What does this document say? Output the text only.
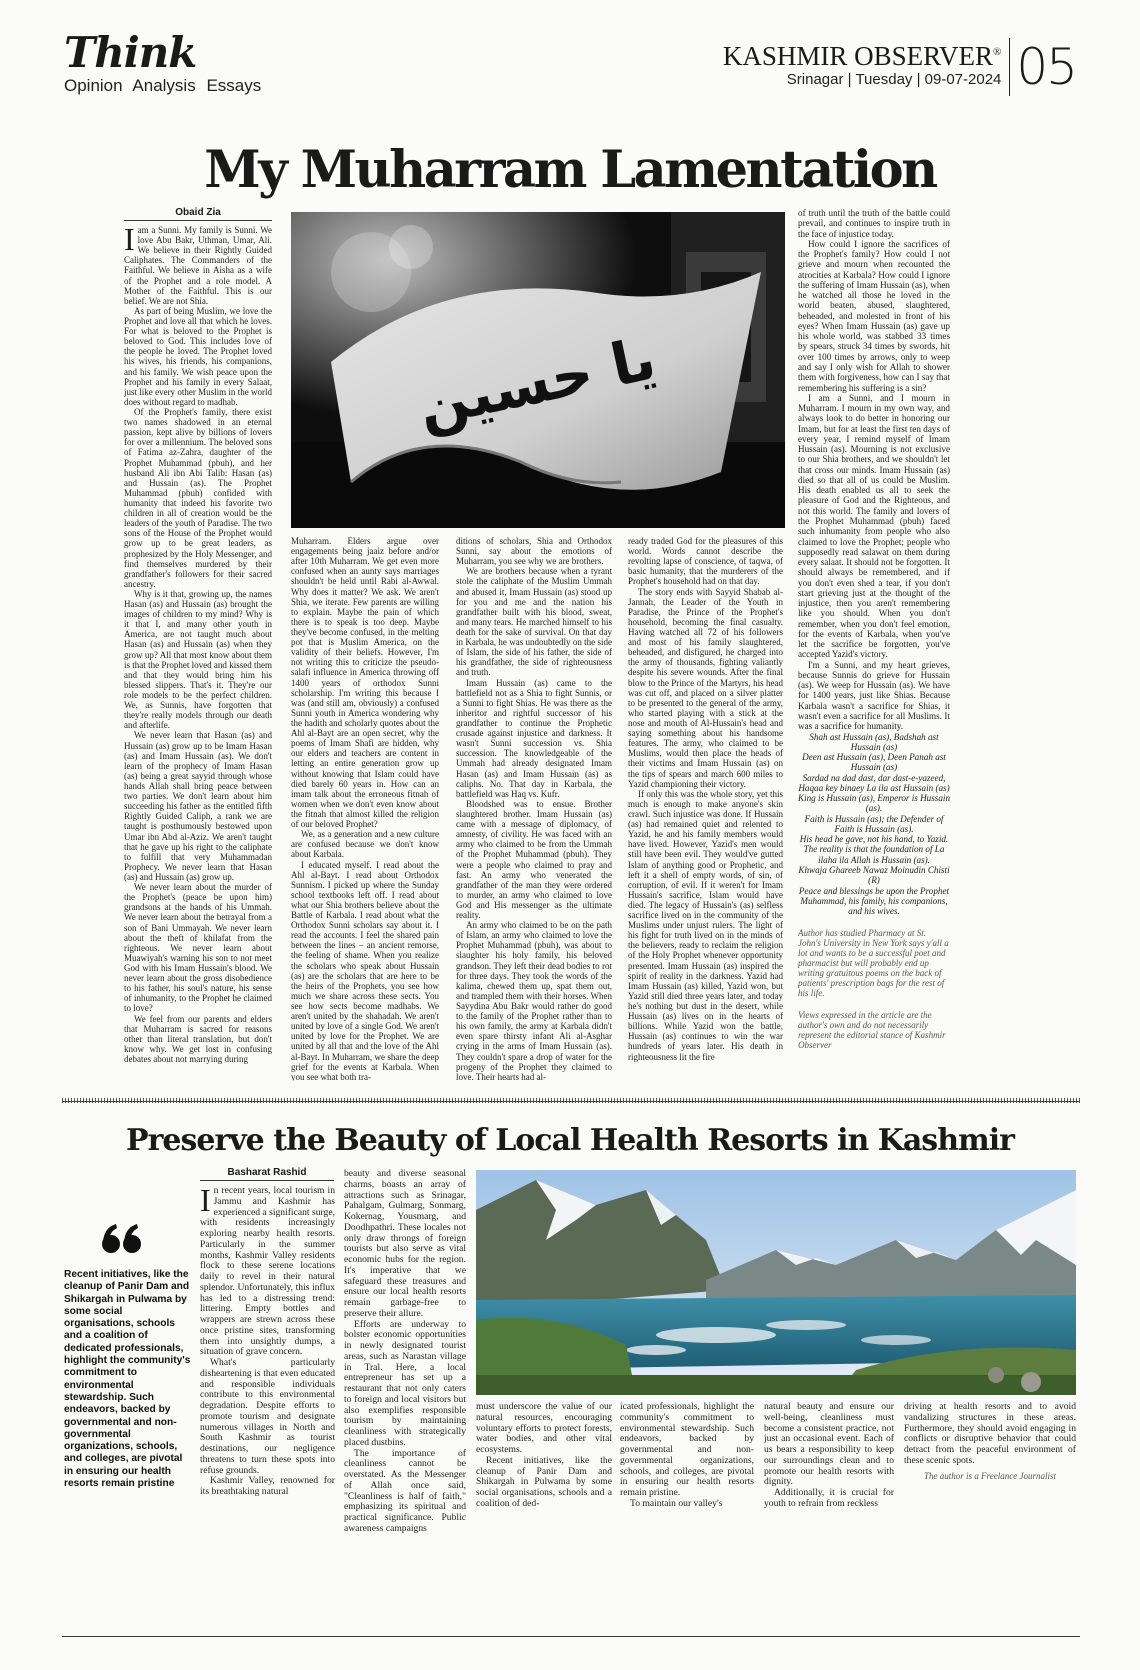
Think
Opinion Analysis Essays
KASHMIR OBSERVER®
Srinagar | Tuesday | 09-07-2024 05
My Muharram Lamentation
Obaid Zia

Iam a Sunni. My family is Sunni. We love Abu Bakr, Uthman, Umar, Ali. We believe in their Rightly Guided Caliphates. The Commanders of the Faithful. We believe in Aisha as a wife of the Prophet and a role model. A Mother of the Faithful. This is our belief. We are not Shia.

As part of being Muslim, we love the Prophet and love all that which he loves. For what is beloved to the Prophet is beloved to God. This includes love of the people he loved. The Prophet loved his wives, his friends, his companions, and his family. We wish peace upon the Prophet and his family in every Salaat, just like every other Muslim in the world does without regard to madhab.

Of the Prophet's family, there exist two names shadowed in an eternal passion, kept alive by billions of lovers for over a millennium. The beloved sons of Fatima az-Zahra, daughter of the Prophet Muhammad (pbuh), and her husband Ali ibn Abi Talib: Hasan (as) and Hussain (as). The Prophet Muhammad (pbuh) confided with humanity that indeed his favorite two children in all of creation would be the leaders of the youth of Paradise. The two sons of the House of the Prophet would grow up to be great leaders, as prophesized by the Holy Messenger, and find themselves murdered by their grandfather's followers for their sacred ancestry.

Why is it that, growing up, the names Hasan (as) and Hussain (as) brought the images of children to my mind? Why is it that I, and many other youth in America, are not taught much about Hasan (as) and Hussain (as) when they grow up? All that most know about them is that the Prophet loved and kissed them and that they would bring him his blessed slippers. That's it. They're our role models to be the perfect children. We, as Sunnis, have forgotten that they're really models through our death and afterlife.

We never learn that Hasan (as) and Hussain (as) grow up to be Imam Hasan (as) and Imam Hussain (as). We don't learn of the prophecy of Imam Hasan (as) being a great sayyid through whose hands Allah shall bring peace between two parties. We don't learn about him succeeding his father as the entitled fifth Rightly Guided Caliph, a rank we are taught is posthumously bestowed upon Umar ibn Abd al-Aziz. We aren't taught that he gave up his right to the caliphate to fulfill that very Muhammadan Prophecy. We never learn that Hasan (as) and Hussain (as) grow up.

We never learn about the murder of the Prophet's (peace be upon him) grandsons at the hands of his Ummah. We never learn about the betrayal from a son of Bani Ummayah. We never learn about the theft of khilafat from the righteous. We never learn about Muawiyah's warning his son to not meet God with his Imam Hussain's blood. We never learn about the gross disobedience to his father, his soul's nature, his sense of inhumanity, to the Prophet he claimed to love?

We feel from our parents and elders that Muharram is sacred for reasons other than literal translation, but don't know why. We get lost in confusing debates about not marrying during

يا حسين

Muharram. Elders argue over engagements being jaaiz before and/or after 10th Muharram. We get even more confused when an aunty says marriages shouldn't be held until Rabi al-Awwal. Why does it matter? We ask. We aren't Shia, we iterate. Few parents are willing to explain. Maybe the pain of which there is to speak is too deep. Maybe they've become confused, in the melting pot that is Muslim America, on the validity of their beliefs. However, I'm not writing this to criticize the pseudo-salafi influence in America throwing off 1400 years of orthodox Sunni scholarship. I'm writing this because I was (and still am, obviously) a confused Sunni youth in America wondering why the hadith and scholarly quotes about the Ahl al-Bayt are an open secret, why the poems of Imam Shafi are hidden, why our elders and teachers are content in letting an entire generation grow up without knowing that Islam could have died barely 60 years in. How can an imam talk about the erroneous fitnah of women when we don't even know about the fitnah that almost killed the religion of our beloved Prophet?

We, as a generation and a new culture are confused because we don't know about Karbala.

I educated myself. I read about the Ahl al-Bayt. I read about Orthodox Sunnism. I picked up where the Sunday school textbooks left off. I read about what our Shia brothers believe about the Battle of Karbala. I read about what the Orthodox Sunni scholars say about it. I read the accounts. I feel the shared pain between the lines – an ancient remorse, the feeling of shame. When you realize the scholars who speak about Hussain (as) are the scholars that are here to be the heirs of the Prophets, you see how much we share across these sects. You see how sects become madhabs. We aren't united by the shahadah. We aren't united by love of a single God. We aren't united by love for the Prophet. We are united by all that and the love of the Ahl al-Bayt. In Muharram, we share the deep grief for the events at Karbala. When you see what both tra-

ditions of scholars, Shia and Orthodox Sunni, say about the emotions of Muharram, you see why we are brothers.

We are brothers because when a tyrant stole the caliphate of the Muslim Ummah and abused it, Imam Hussain (as) stood up for you and me and the nation his grandfather built with his blood, sweat, and many tears. He marched himself to his death for the sake of survival. On that day in Karbala, he was undoubtedly on the side of Islam, the side of his father, the side of his grandfather, the side of righteousness and truth.

Imam Hussain (as) came to the battlefield not as a Shia to fight Sunnis, or a Sunni to fight Shias. He was there as the inheritor and rightful successor of his grandfather to continue the Prophetic crusade against injustice and darkness. It wasn't Sunni succession vs. Shia succession. The knowledgeable of the Ummah had already designated Imam Hasan (as) and Imam Hussain (as) as caliphs. No. That day in Karbala, the battlefield was Haq vs. Kufr.

Bloodshed was to ensue. Brother slaughtered brother. Imam Hussain (as) came with a message of diplomacy, of amnesty, of civility. He was faced with an army who claimed to be from the Ummah of the Prophet Muhammad (pbuh). They were a people who claimed to pray and fast. An army who venerated the grandfather of the man they were ordered to murder, an army who claimed to love God and His messenger as the ultimate reality.

An army who claimed to be on the path of Islam, an army who claimed to love the Prophet Muhammad (pbuh), was about to slaughter his holy family, his beloved grandson. They left their dead bodies to rot for three days. They took the words of the kalima, chewed them up, spat them out, and trampled them with their horses. When Sayydina Abu Bakr would rather do good to the family of the Prophet rather than to his own family, the army at Karbala didn't even spare thirsty infant Ali al-Asghar crying in the arms of Imam Hussain (as). They couldn't spare a drop of water for the progeny of the Prophet they claimed to love. Their hearts had al-

ready traded God for the pleasures of this world. Words cannot describe the revolting lapse of conscience, of taqwa, of basic humanity, that the murderers of the Prophet's household had on that day.

The story ends with Sayyid Shabab al-Jannah, the Leader of the Youth in Paradise, the Prince of the Prophet's household, becoming the final casualty. Having watched all 72 of his followers and most of his family slaughtered, beheaded, and disfigured, he charged into the army of thousands, fighting valiantly despite his severe wounds. After the final blow to the Prince of the Martyrs, his head was cut off, and placed on a silver platter to be presented to the general of the army, who started playing with a stick at the nose and mouth of Al-Hussain's head and saying something about his handsome features. The army, who claimed to be Muslims, would then place the heads of their victims and Imam Hussain (as) on the tips of spears and march 600 miles to Yazid championing their victory.

If only this was the whole story, yet this much is enough to make anyone's skin crawl. Such injustice was done. If Hussain (as) had remained quiet and relented to Yazid, he and his family members would have lived. However, Yazid's men would still have been evil. They would've gutted Islam of anything good or Prophetic, and left it a shell of empty words, of sin, of corruption, of evil. If it weren't for Imam Hussain's sacrifice, Islam would have died. The legacy of Hussain's (as) selfless sacrifice lived on in the community of the Muslims under unjust rulers. The light of his fight for truth lived on in the minds of the believers, ready to reclaim the religion of the Holy Prophet whenever opportunity presented. Imam Hussain (as) inspired the spirit of reality in the darkness. Yazid had Imam Hussain (as) killed, Yazid won, but Yazid still died three years later, and today he's nothing but dust in the desert, while Hussain (as) lives on in the hearts of billions. While Yazid won the battle, Hussain (as) continues to win the war hundreds of years later. His death in righteousness lit the fire

of truth until the truth of the battle could prevail, and continues to inspire truth in the face of injustice today.

How could I ignore the sacrifices of the Prophet's family? How could I not grieve and mourn when recounted the atrocities at Karbala? How could I ignore the suffering of Imam Hussain (as), when he watched all those he loved in the world beaten, abused, slaughtered, beheaded, and molested in front of his eyes? When Imam Hussain (as) gave up his whole world, was stabbed 33 times by spears, struck 34 times by swords, hit over 100 times by arrows, only to weep and say I only wish for Allah to shower them with forgiveness, how can I say that remembering his suffering is a sin?

I am a Sunni, and I mourn in Muharram. I mourn in my own way, and always look to do better in honoring our Imam, but for at least the first ten days of every year, I remind myself of Imam Hussain (as). Mourning is not exclusive to our Shia brothers, and we shouldn't let that cross our minds. Imam Hussain (as) died so that all of us could be Muslim. His death enabled us all to seek the pleasure of God and the Righteous, and not this world. The family and lovers of the Prophet Muhammad (pbuh) faced such inhumanity from people who also claimed to love the Prophet; people who supposedly read salawat on them during every salaat. It should not be forgotten. It should always be remembered, and if you don't even shed a tear, if you don't start grieving just at the thought of the injustice, then you aren't remembering like you should. When you don't remember, when you don't feel emotion, for the events of Karbala, when you've let the sacrifice be forgotten, you've accepted Yazid's victory.

I'm a Sunni, and my heart grieves, because Sunnis do grieve for Hussain (as). We weep for Hussain (as). We have for 1400 years, just like Shias. Because Karbala wasn't a sacrifice for Shias, it wasn't even a sacrifice for all Muslims. It was a sacrifice for humanity.

Shah ast Hussain (as), Badshah ast Hussain (as)

Deen ast Hussain (as), Deen Panah ast Hussain (as)

Sardad na dad dast, dar dast-e-yazeed, Haqaa key binaey La ila ast Hussain (as)

King is Hussain (as), Emperor is Hussain (as).

Faith is Hussain (as); the Defender of Faith is Hussain (as).

His head he gave, not his hand, to Yazid. The reality is that the foundation of La ilaha ila Allah is Hussain (as).

Khwaja Ghareeb Nawaz Moinudin Chisti (R)

Peace and blessings be upon the Prophet Muhammad, his family, his companions, and his wives.

Author has studied Pharmacy at St. John's University in New York says y'all a lot and wants to be a successful poet and pharmacist but will probably end up writing gratuitous poems on the back of patients' prescription bags for the rest of his life.

Views expressed in the article are the author's own and do not necessarily represent the editorial stance of Kashmir Observer

Preserve the Beauty of Local Health Resorts in Kashmir
Basharat Rashid
Recent initiatives, like the cleanup of Panir Dam and Shikargah in Pulwama by some social organisations, schools and a coalition of dedicated professionals, highlight the community's commitment to environmental stewardship. Such endeavors, backed by governmental and non-governmental organizations, schools, and colleges, are pivotal in ensuring our health resorts remain pristine

In recent years, local tourism in Jammu and Kashmir has experienced a significant surge, with residents increasingly exploring nearby health resorts. Particularly in the summer months, Kashmir Valley residents flock to these serene locations daily to revel in their natural splendor. Unfortunately, this influx has led to a distressing trend: littering. Empty bottles and wrappers are strewn across these once pristine sites, transforming them into unsightly dumps, a situation of grave concern.

What's particularly disheartening is that even educated and responsible individuals contribute to this environmental degradation. Despite efforts to promote tourism and designate numerous villages in North and South Kashmir as tourist destinations, our negligence threatens to turn these spots into refuse grounds.

Kashmir Valley, renowned for its breathtaking natural

beauty and diverse seasonal charms, boasts an array of attractions such as Srinagar, Pahalgam, Gulmarg, Sonmarg, Kokernag, Yousmarg, and Doodhpathri. These locales not only draw throngs of foreign tourists but also serve as vital economic hubs for the region. It's imperative that we safeguard these treasures and ensure our local health resorts remain garbage-free to preserve their allure.

Efforts are underway to bolster economic opportunities in newly designated tourist areas, such as Narastan village in Tral. Here, a local entrepreneur has set up a restaurant that not only caters to foreign and local visitors but also exemplifies responsible tourism by maintaining cleanliness with strategically placed dustbins.

The importance of cleanliness cannot be overstated. As the Messenger of Allah once said, "Cleanliness is half of faith," emphasizing its spiritual and practical significance. Public awareness campaigns

must underscore the value of our natural resources, encouraging voluntary efforts to protect forests, water bodies, and other vital ecosystems.

Recent initiatives, like the cleanup of Panir Dam and Shikargah in Pulwama by some social organisations, schools and a coalition of ded-

icated professionals, highlight the community's commitment to environmental stewardship. Such endeavors, backed by governmental and non-governmental organizations, schools, and colleges, are pivotal in ensuring our health resorts remain pristine.

To maintain our valley's

natural beauty and ensure our well-being, cleanliness must become a consistent practice, not just an occasional event. Each of us bears a responsibility to keep our surroundings clean and to promote our health resorts with dignity.

Additionally, it is crucial for youth to refrain from reckless

driving at health resorts and to avoid vandalizing structures in these areas. Furthermore, they should avoid engaging in conflicts or disruptive behavior that could detract from the peaceful environment of these scenic spots.

The author is a Freelance Journalist
